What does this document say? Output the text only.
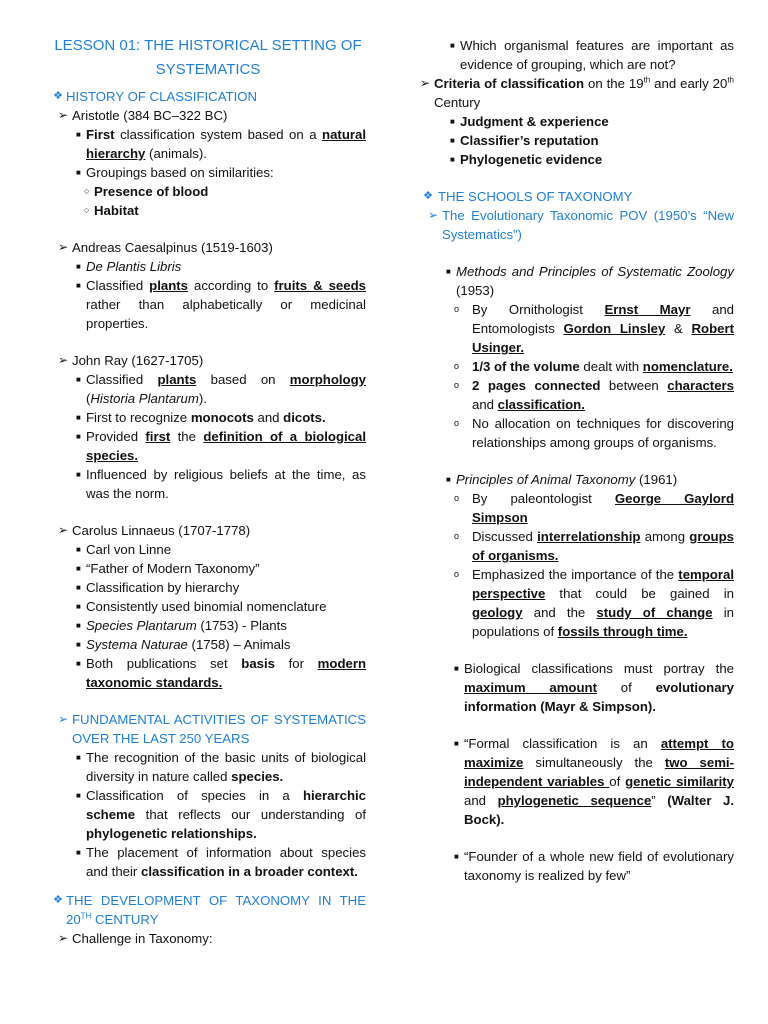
LESSON 01: THE HISTORICAL SETTING OF
SYSTEMATICS
❖ HISTORY OF CLASSIFICATION
➢ Aristotle (384 BC–322 BC)
■ First classification system based on a natural hierarchy (animals).
■ Groupings based on similarities:
○ Presence of blood
○ Habitat
➢ Andreas Caesalpinus (1519-1603)
■ De Plantis Libris
■ Classified plants according to fruits & seeds rather than alphabetically or medicinal properties.
➢ John Ray (1627-1705)
■ Classified plants based on morphology (Historia Plantarum).
■ First to recognize monocots and dicots.
■ Provided first the definition of a biological species.
■ Influenced by religious beliefs at the time, as was the norm.
➢ Carolus Linnaeus (1707-1778)
■ Carl von Linne
■ “Father of Modern Taxonomy”
■ Classification by hierarchy
■ Consistently used binomial nomenclature
■ Species Plantarum (1753) - Plants
■ Systema Naturae (1758) – Animals
■ Both publications set basis for modern taxonomic standards.
➢ FUNDAMENTAL ACTIVITIES OF SYSTEMATICS OVER THE LAST 250 YEARS
■ The recognition of the basic units of biological diversity in nature called species.
■ Classification of species in a hierarchic scheme that reflects our understanding of phylogenetic relationships.
■ The placement of information about species and their classification in a broader context.
❖ THE DEVELOPMENT OF TAXONOMY IN THE 20TH CENTURY
➢ Challenge in Taxonomy:
■ Which organismal features are important as evidence of grouping, which are not?
➢ Criteria of classification on the 19th and early 20th Century
■ Judgment & experience
■ Classifier’s reputation
■ Phylogenetic evidence
❖ THE SCHOOLS OF TAXONOMY
➢ The Evolutionary Taxonomic POV (1950’s “New Systematics”)
■ Methods and Principles of Systematic Zoology (1953)
o By Ornithologist Ernst Mayr and Entomologists Gordon Linsley & Robert Usinger.
o 1/3 of the volume dealt with nomenclature.
o 2 pages connected between characters and classification.
o No allocation on techniques for discovering relationships among groups of organisms.
■ Principles of Animal Taxonomy (1961)
o By paleontologist George Gaylord Simpson
o Discussed interrelationship among groups of organisms.
o Emphasized the importance of the temporal perspective that could be gained in geology and the study of change in populations of fossils through time.
■ Biological classifications must portray the maximum amount of evolutionary information (Mayr & Simpson).
■ “Formal classification is an attempt to maximize simultaneously the two semi-independent variables of genetic similarity and phylogenetic sequence” (Walter J. Bock).
■ “Founder of a whole new field of evolutionary taxonomy is realized by few”
